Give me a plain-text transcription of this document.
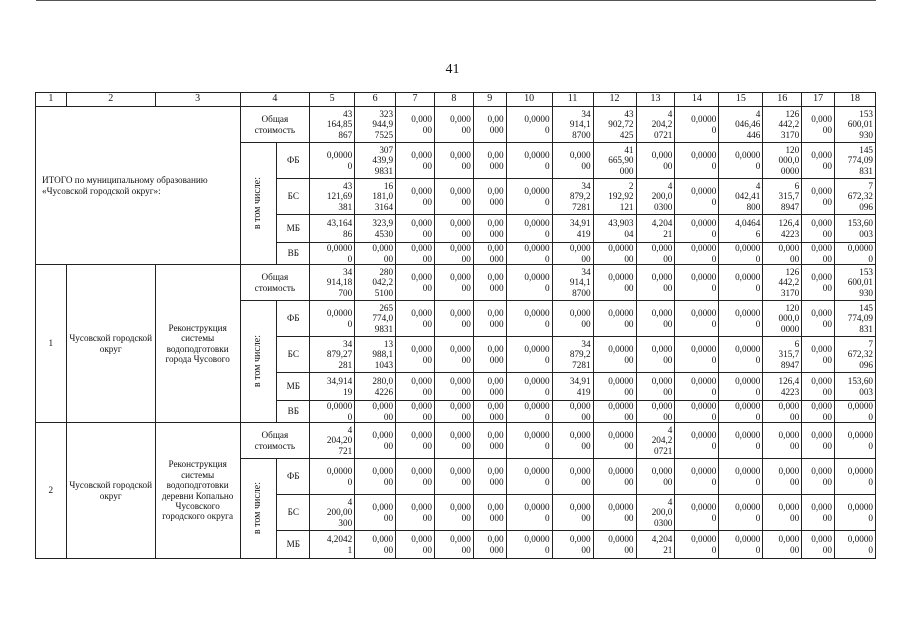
41
1	2	3	4		5	6	7	8	9	10	11	12	13	14	15	16	17	18
ИТОГО по муниципальному образованию «Чусовской городской округ»:			Общая стоимость		43
164,85
867	323
944,9
7525	0,000
00	0,000
00	0,00
000	0,0000
0	34
914,1
8700	43
902,72
425	4
204,2
0721	0,0000
0	4
046,46
446	126
442,2
3170	0,000
00	153
600,01
930

			в том числе:	ФБ	0,0000
0	307
439,9
9831	0,000
00	0,000
00	0,00
000	0,0000
0	0,000
00	41
665,90
000	0,000
00	0,0000
0	0,0000
0	120
000,0
0000	0,000
00	145
774,09
831
				БС	43
121,69
381	16
181,0
3164	0,000
00	0,000
00	0,00
000	0,0000
0	34
879,2
7281	2
192,92
121	4
200,0
0300	0,0000
0	4
042,41
800	6
315,7
8947	0,000
00	7
672,32
096
				МБ	43,164
86	323,9
4530	0,000
00	0,000
00	0,00
000	0,0000
0	34,91
419	43,903
04	4,204
21	0,0000
0	4,0464
6	126,4
4223	0,000
00	153,60
003
				ВБ	0,0000
0	0,000
00	0,000
00	0,000
00	0,00
000	0,0000
0	0,000
00	0,0000
00	0,000
00	0,0000
0	0,0000
0	0,000
00	0,000
00	0,0000
0
1	Чусовской городской округ	Реконструкция системы водоподготовки города Чусового	Общая стоимость		34
914,18
700	280
042,2
5100	0,000
00	0,000
00	0,00
000	0,0000
0	34
914,1
8700	0,0000
00	0,000
00	0,0000
0	0,0000
0	126
442,2
3170	0,000
00	153
600,01
930

			в том числе:	ФБ	0,0000
0	265
774,0
9831	0,000
00	0,000
00	0,00
000	0,0000
0	0,000
00	0,0000
00	0,000
00	0,0000
0	0,0000
0	120
000,0
0000	0,000
00	145
774,09
831
				БС	34
879,27
281	13
988,1
1043	0,000
00	0,000
00	0,00
000	0,0000
0	34
879,2
7281	0,0000
00	0,000
00	0,0000
0	0,0000
0	6
315,7
8947	0,000
00	7
672,32
096
				МБ	34,914
19	280,0
4226	0,000
00	0,000
00	0,00
000	0,0000
0	34,91
419	0,0000
00	0,000
00	0,0000
0	0,0000
0	126,4
4223	0,000
00	153,60
003
				ВБ	0,0000
0	0,000
00	0,000
00	0,000
00	0,00
000	0,0000
0	0,000
00	0,0000
00	0,000
00	0,0000
0	0,0000
0	0,000
00	0,000
00	0,0000
0
2	Чусовской городской округ	Реконструкция системы водоподготовки деревни Копально Чусовского городского округа	Общая стоимость		4
204,20
721	0,000
00	0,000
00	0,000
00	0,00
000	0,0000
0	0,000
00	0,0000
00	4
204,2
0721	0,0000
0	0,0000
0	0,000
00	0,000
00	0,0000
0

			в том числе:	ФБ	0,0000
0	0,000
00	0,000
00	0,000
00	0,00
000	0,0000
0	0,000
00	0,0000
00	0,000
00	0,0000
0	0,0000
0	0,000
00	0,000
00	0,0000
0
				БС	4
200,00
300	0,000
00	0,000
00	0,000
00	0,00
000	0,0000
0	0,000
00	0,0000
00	4
200,0
0300	0,0000
0	0,0000
0	0,000
00	0,000
00	0,0000
0
				МБ	4,2042
1	0,000
00	0,000
00	0,000
00	0,00
000	0,0000
0	0,000
00	0,0000
00	4,204
21	0,0000
0	0,0000
0	0,000
00	0,000
00	0,0000
0
